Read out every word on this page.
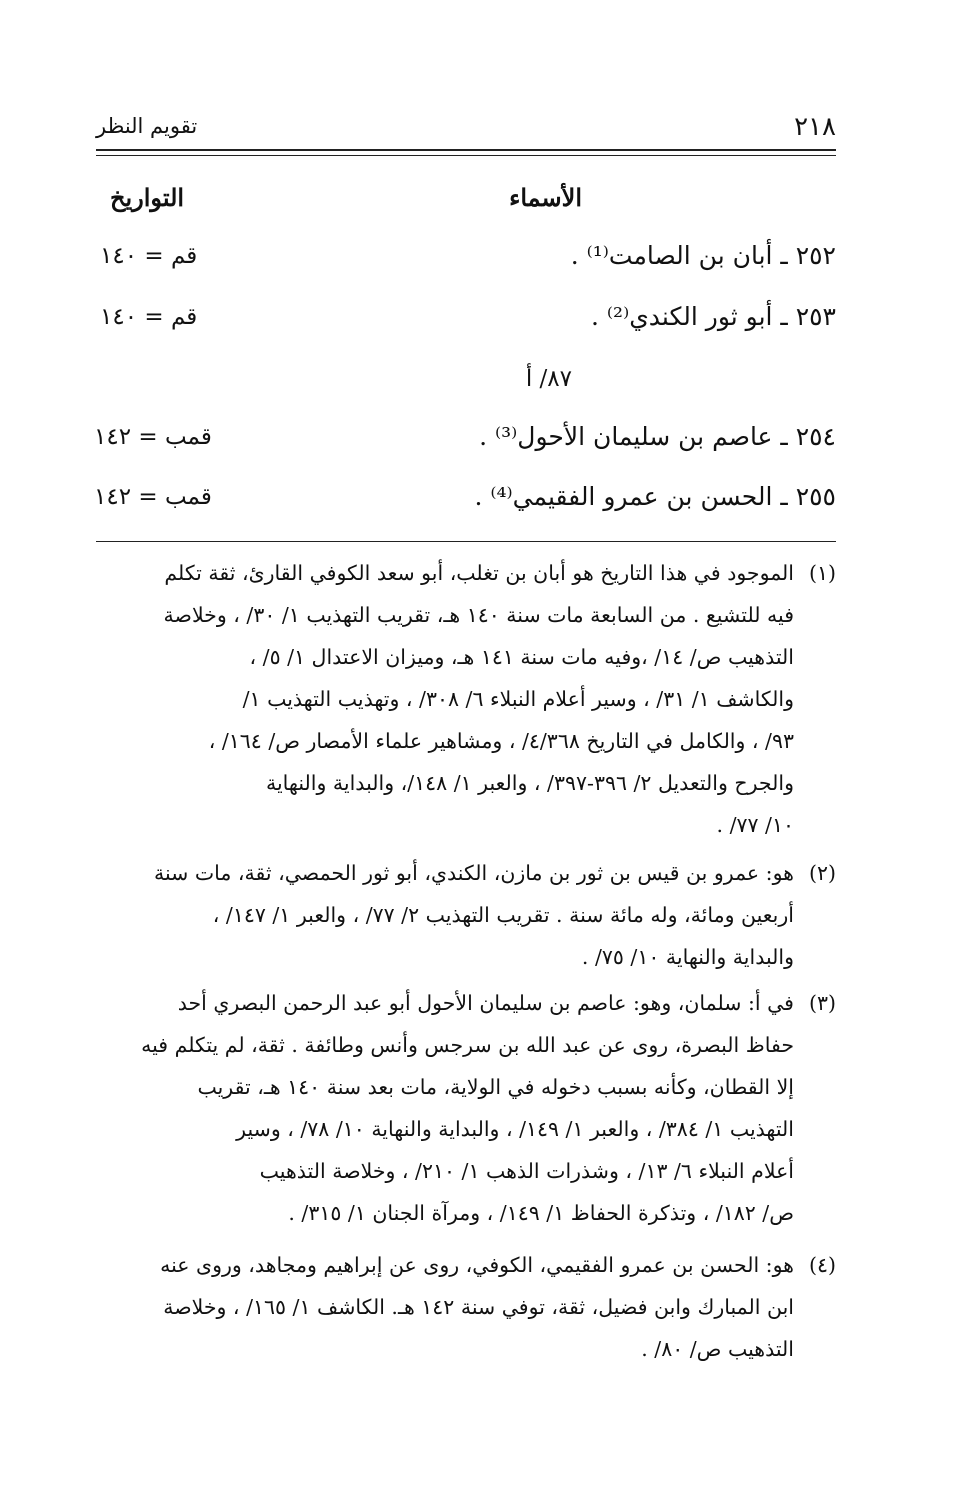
٢١٨
تقويم النظر
الأسماء
التواريخ
٢٥٢ ـ أبان بن الصامت⁽¹⁾ .
قم = ١٤٠
٢٥٣ ـ أبو ثور الكندي⁽²⁾ .
قم = ١٤٠
٨٧/ أ
٢٥٤ ـ عاصم بن سليمان الأحول⁽³⁾ .
قمب = ١٤٢
٢٥٥ ـ الحسن بن عمرو الفقيمي⁽⁴⁾ .
قمب = ١٤٢
(١)
الموجود في هذا التاريخ هو أبان بن تغلب، أبو سعد الكوفي القارئ، ثقة تكلم
فيه للتشيع . من السابعة مات سنة ١٤٠ هـ، تقريب التهذيب ١/ ٣٠/ ، وخلاصة
التذهيب ص/ ١٤/ ،وفيه مات سنة ١٤١ هـ، وميزان الاعتدال ١/ ٥/ ،
والكاشف ١/ ٣١/ ، وسير أعلام النبلاء ٦/ ٣٠٨/ ، وتهذيب التهذيب ١/
٩٣/ ، والكامل في التاريخ ٤/٣٦٨/ ، ومشاهير علماء الأمصار ص/ ١٦٤/ ،
والجرح والتعديل ٢/ ٣٩٦-٣٩٧/ ، والعبر ١/ ١٤٨/، والبداية والنهاية
١٠/ ٧٧/ .
(٢)
هو: عمرو بن قيس بن ثور بن مازن، الكندي، أبو ثور الحمصي، ثقة، مات سنة
أربعين ومائة، وله مائة سنة . تقريب التهذيب ٢/ ٧٧/ ، والعبر ١/ ١٤٧/ ،
والبداية والنهاية ١٠/ ٧٥/ .
(٣)
في أ: سلمان، وهو: عاصم بن سليمان الأحول أبو عبد الرحمن البصري أحد
حفاظ البصرة، روى عن عبد الله بن سرجس وأنس وطائفة . ثقة، لم يتكلم فيه
إلا القطان، وكأنه بسبب دخوله في الولاية، مات بعد سنة ١٤٠ هـ، تقريب
التهذيب ١/ ٣٨٤/ ، والعبر ١/ ١٤٩/ ، والبداية والنهاية ١٠/ ٧٨/ ، وسير
أعلام النبلاء ٦/ ١٣/ ، وشذرات الذهب ١/ ٢١٠/ ، وخلاصة التذهيب
ص/ ١٨٢/ ، وتذكرة الحفاظ ١/ ١٤٩/ ، ومرآة الجنان ١/ ٣١٥/ .
(٤)
هو: الحسن بن عمرو الفقيمي، الكوفي، روى عن إبراهيم ومجاهد، وروى عنه
ابن المبارك وابن فضيل، ثقة، توفي سنة ١٤٢ هـ. الكاشف ١/ ١٦٥/ ، وخلاصة
التذهيب ص/ ٨٠/ .
